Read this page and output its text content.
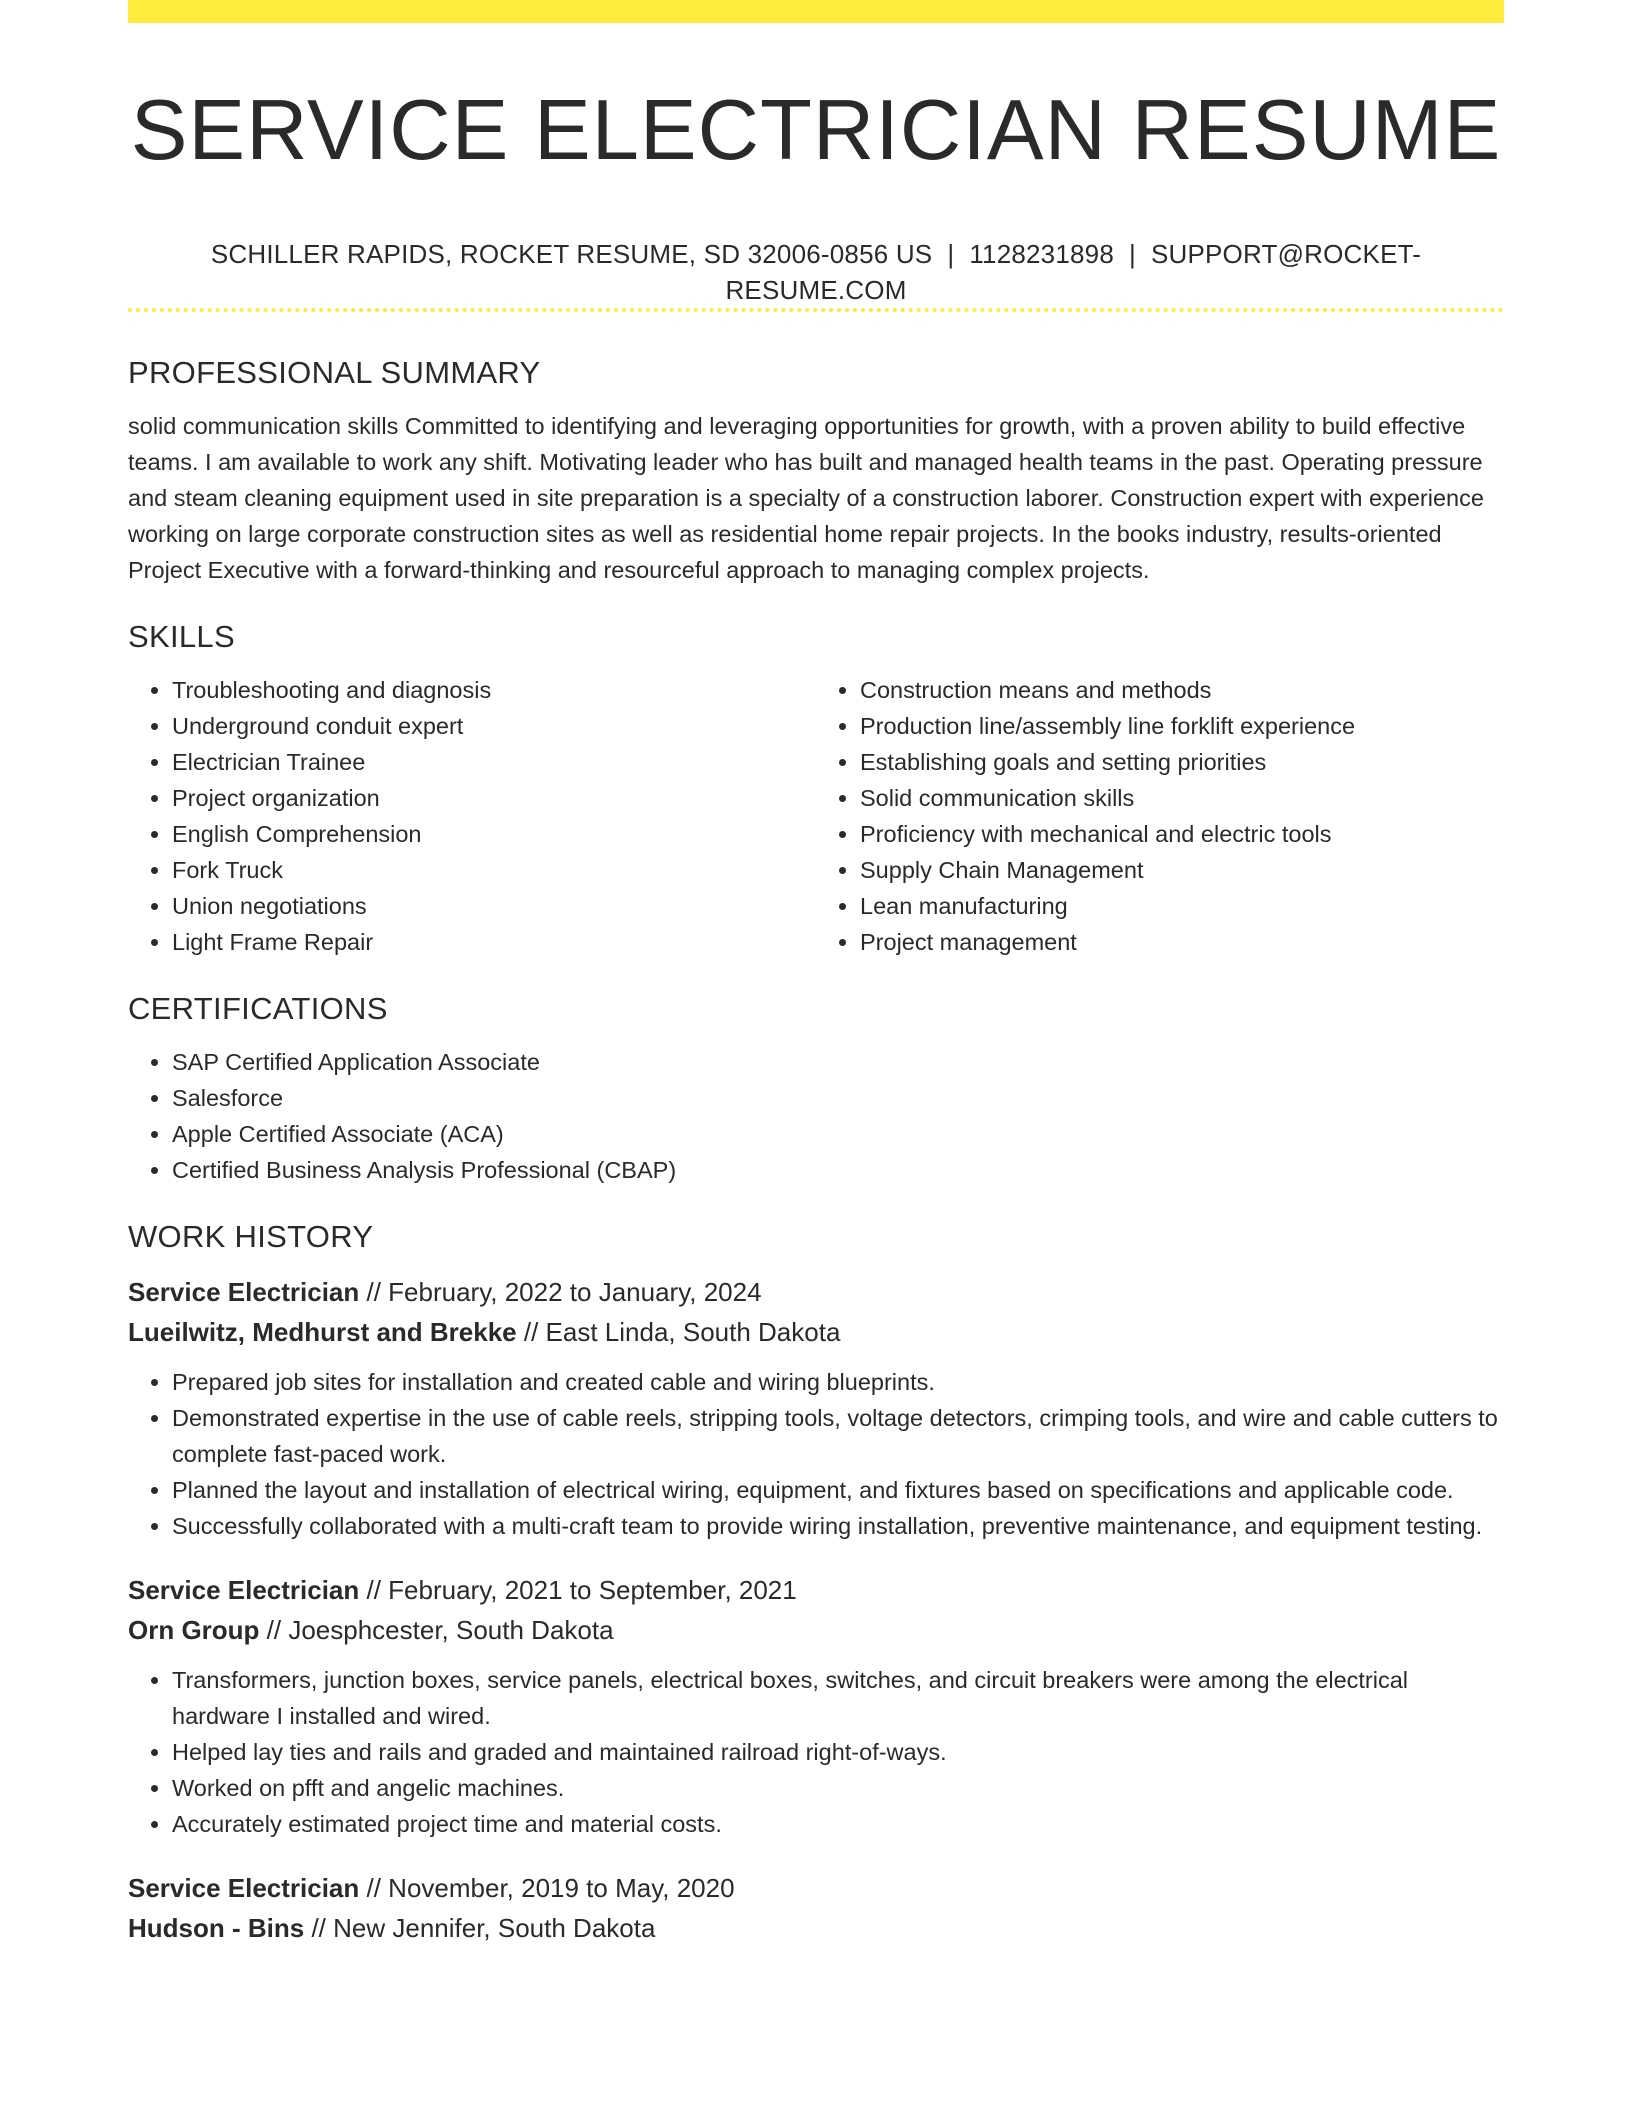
SERVICE ELECTRICIAN RESUME
SCHILLER RAPIDS, ROCKET RESUME, SD 32006-0856 US | 1128231898 | SUPPORT@ROCKET-RESUME.COM
PROFESSIONAL SUMMARY

solid communication skills Committed to identifying and leveraging opportunities for growth, with a proven ability to build effective teams. I am available to work any shift. Motivating leader who has built and managed health teams in the past. Operating pressure and steam cleaning equipment used in site preparation is a specialty of a construction laborer. Construction expert with experience working on large corporate construction sites as well as residential home repair projects. In the books industry, results-oriented Project Executive with a forward-thinking and resourceful approach to managing complex projects.

SKILLS
• Troubleshooting and diagnosis
• Underground conduit expert
• Electrician Trainee
• Project organization
• English Comprehension
• Fork Truck
• Union negotiations
• Light Frame Repair
• Construction means and methods
• Production line/assembly line forklift experience
• Establishing goals and setting priorities
• Solid communication skills
• Proficiency with mechanical and electric tools
• Supply Chain Management
• Lean manufacturing
• Project management
CERTIFICATIONS
• SAP Certified Application Associate
• Salesforce
• Apple Certified Associate (ACA)
• Certified Business Analysis Professional (CBAP)
WORK HISTORY
Service Electrician // February, 2022 to January, 2024
Lueilwitz, Medhurst and Brekke // East Linda, South Dakota
• Prepared job sites for installation and created cable and wiring blueprints.
• Demonstrated expertise in the use of cable reels, stripping tools, voltage detectors, crimping tools, and wire and cable cutters to complete fast-paced work.
• Planned the layout and installation of electrical wiring, equipment, and fixtures based on specifications and applicable code.
• Successfully collaborated with a multi-craft team to provide wiring installation, preventive maintenance, and equipment testing.
Service Electrician // February, 2021 to September, 2021
Orn Group // Joesphcester, South Dakota
• Transformers, junction boxes, service panels, electrical boxes, switches, and circuit breakers were among the electrical hardware I installed and wired.
• Helped lay ties and rails and graded and maintained railroad right-of-ways.
• Worked on pfft and angelic machines.
• Accurately estimated project time and material costs.
Service Electrician // November, 2019 to May, 2020
Hudson - Bins // New Jennifer, South Dakota
